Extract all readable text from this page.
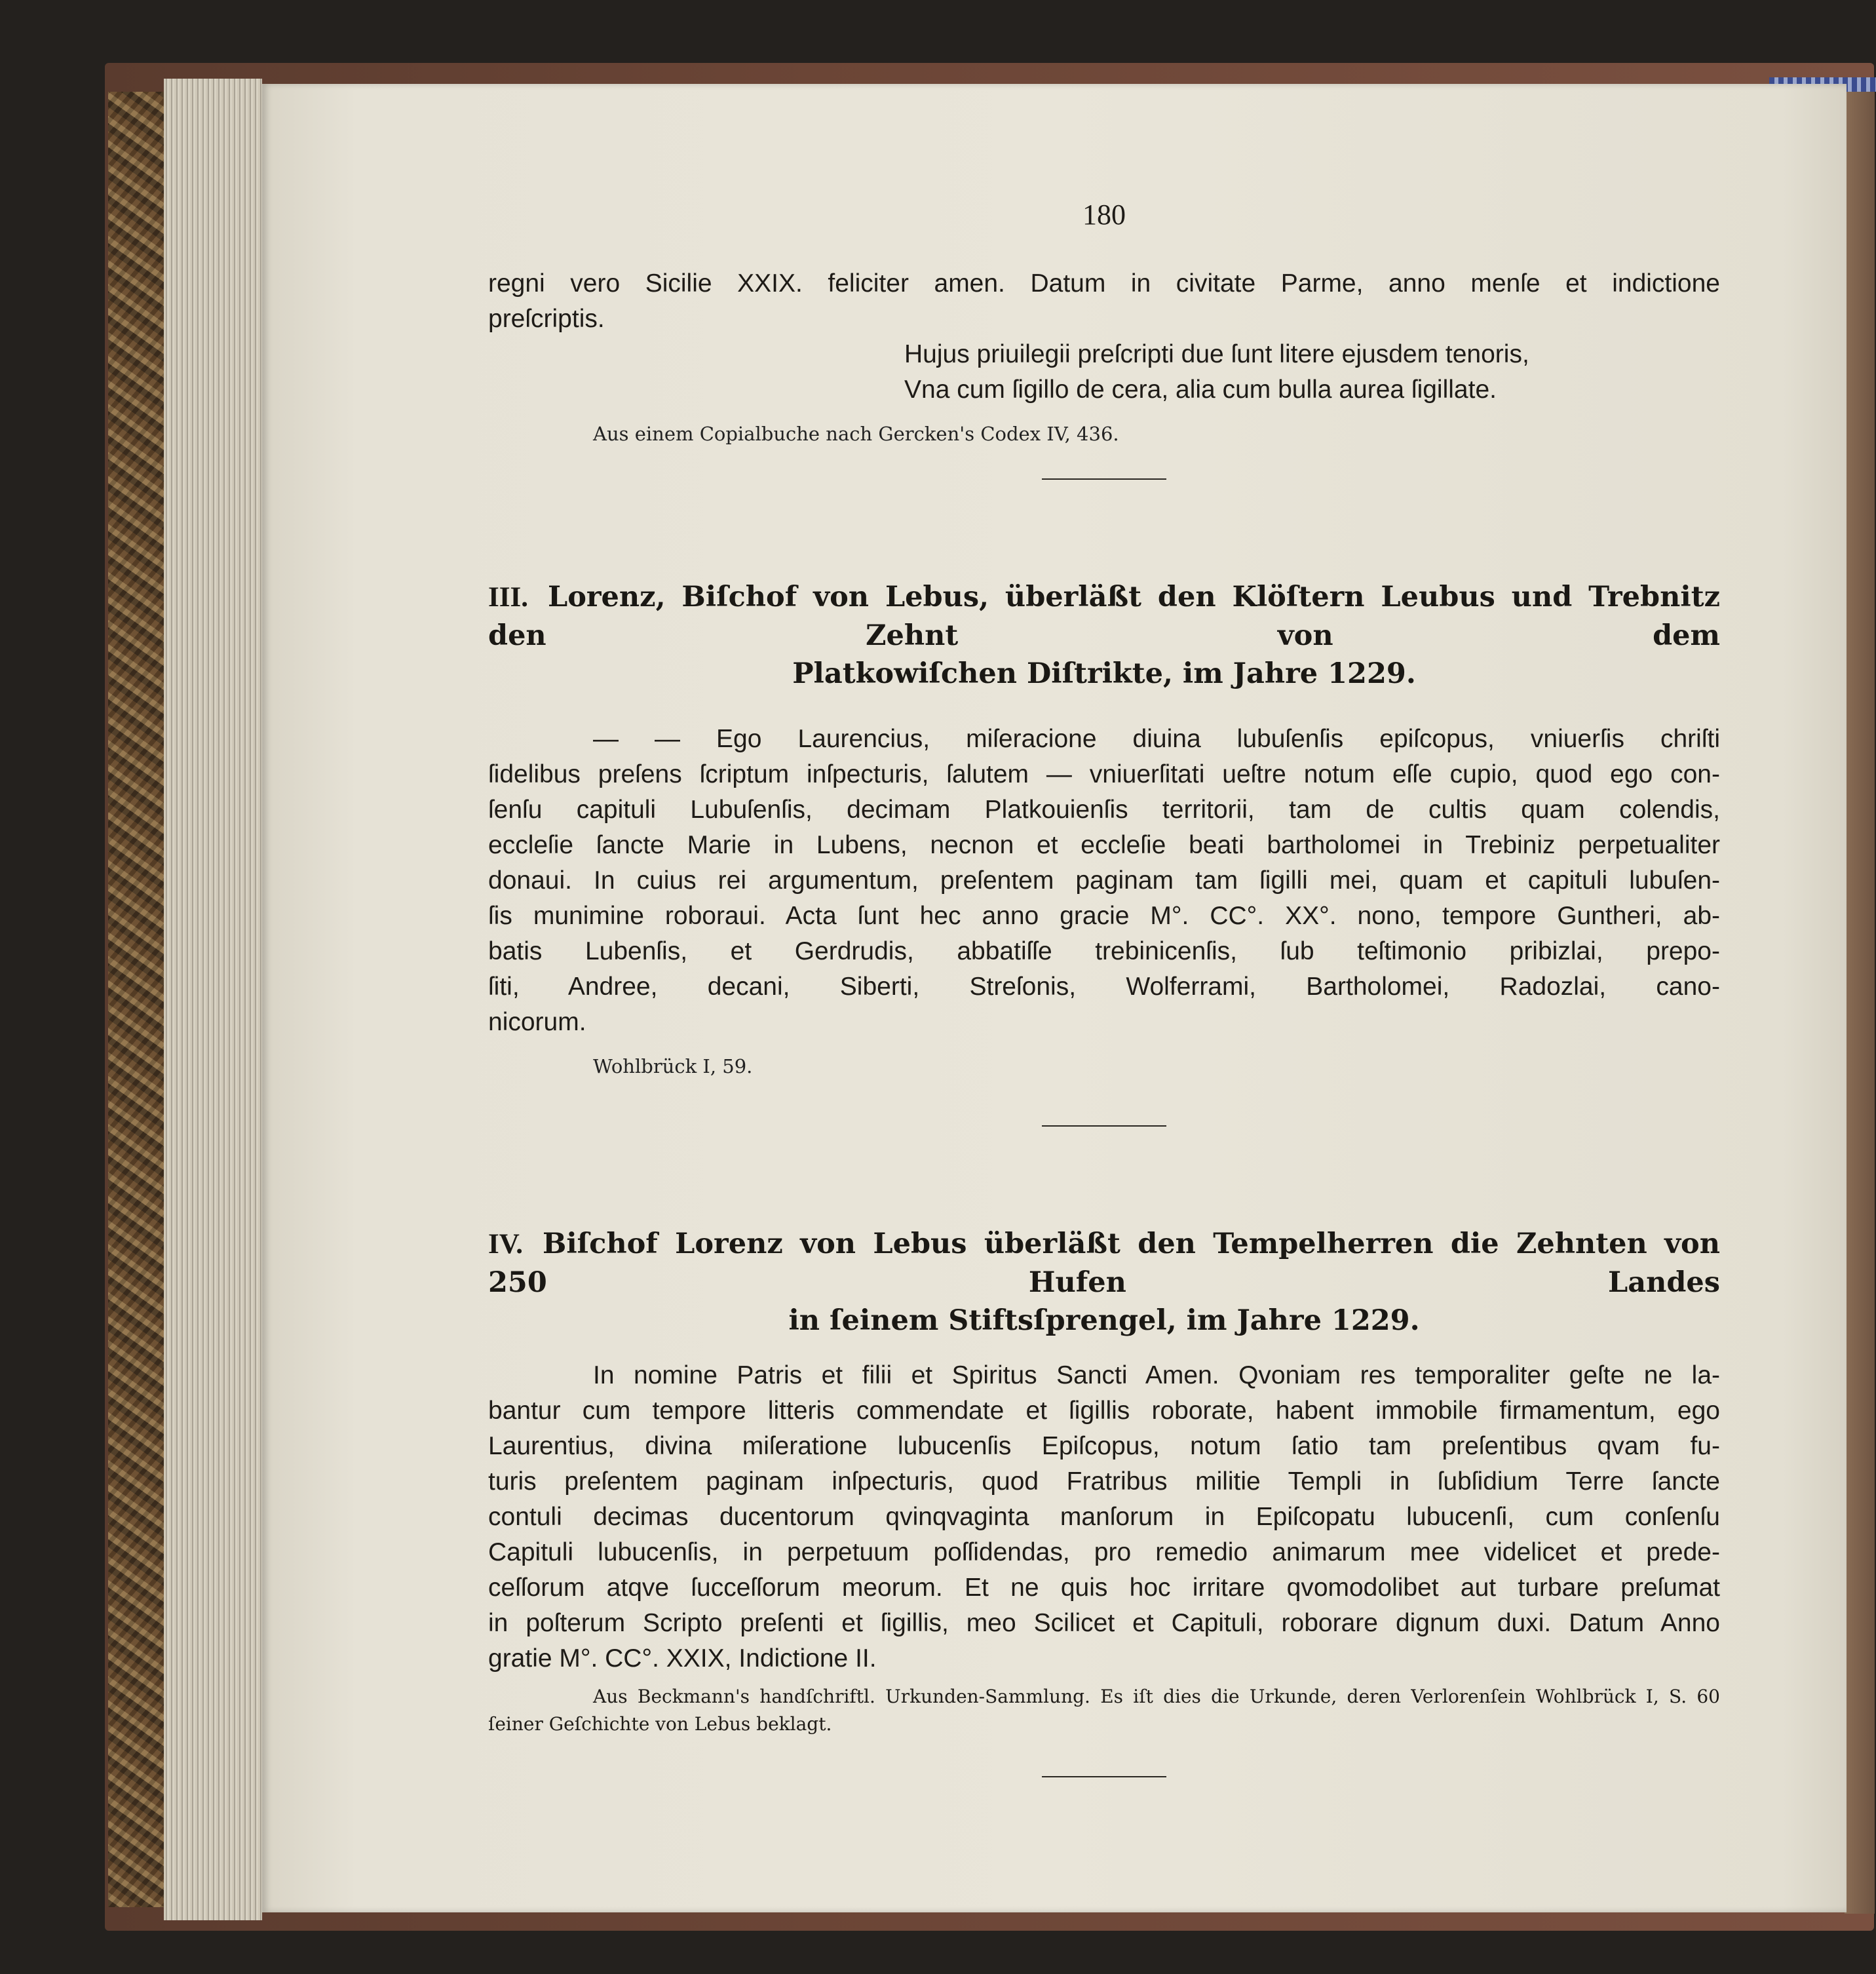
180

regni vero Sicilie XXIX. feliciter amen. Datum in civitate Parme, anno menſe et indictione

preſcriptis.

Hujus priuilegii preſcripti due ſunt litere ejusdem tenoris,

Vna cum ſigillo de cera, alia cum bulla aurea ſigillate.

Aus einem Copialbuche nach Gercken's Codex IV, 436.

III. Lorenz, Biſchof von Lebus, überläßt den Klöſtern Leubus und Trebnitz den Zehnt von dem
Platkowiſchen Diſtrikte, im Jahre 1229.

— — Ego Laurencius, miſeracione diuina lubuſenſis epiſcopus, vniuerſis chriſti

ſidelibus preſens ſcriptum inſpecturis, ſalutem — vniuerſitati ueſtre notum eſſe cupio, quod ego con-

ſenſu capituli Lubuſenſis, decimam Platkouienſis territorii, tam de cultis quam colendis,

eccleſie ſancte Marie in Lubens, necnon et eccleſie beati bartholomei in Trebiniz perpetualiter

donaui. In cuius rei argumentum, preſentem paginam tam ſigilli mei, quam et capituli lubuſen-

ſis munimine roboraui. Acta ſunt hec anno gracie M°. CC°. XX°. nono, tempore Guntheri, ab-

batis Lubenſis, et Gerdrudis, abbatiſſe trebinicenſis, ſub teſtimonio pribizlai, prepo-

ſiti, Andree, decani, Siberti, Streſonis, Wolferrami, Bartholomei, Radozlai, cano-

nicorum.

Wohlbrück I, 59.

IV. Biſchof Lorenz von Lebus überläßt den Tempelherren die Zehnten von 250 Hufen Landes
in ſeinem Stiftsſprengel, im Jahre 1229.

In nomine Patris et filii et Spiritus Sancti Amen. Qvoniam res temporaliter geſte ne la-

bantur cum tempore litteris commendate et ſigillis roborate, habent immobile firmamentum, ego

Laurentius, divina miſeratione lubucenſis Epiſcopus, notum ſatio tam preſentibus qvam fu-

turis preſentem paginam inſpecturis, quod Fratribus militie Templi in ſubſidium Terre ſancte

contuli decimas ducentorum qvinqvaginta manſorum in Epiſcopatu lubucenſi, cum conſenſu

Capituli lubucenſis, in perpetuum poſſidendas, pro remedio animarum mee videlicet et prede-

ceſſorum atqve ſucceſſorum meorum. Et ne quis hoc irritare qvomodolibet aut turbare preſumat

in poſterum Scripto preſenti et ſigillis, meo Scilicet et Capituli, roborare dignum duxi. Datum Anno

gratie M°. CC°. XXIX, Indictione II.

Aus Beckmann's handſchriftl. Urkunden-Sammlung. Es iſt dies die Urkunde, deren Verlorenſein Wohlbrück I, S. 60

ſeiner Geſchichte von Lebus beklagt.
